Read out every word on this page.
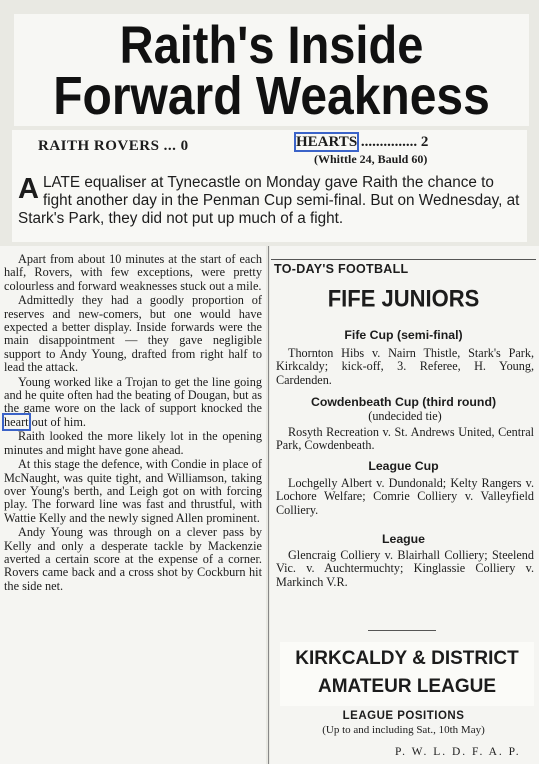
Raith's Inside
Forward Weakness
RAITH ROVERS ... 0	HEARTS ............... 2
(Whittle 24, Bauld 60)

ALATE equaliser at Tynecastle on Monday gave Raith the chance to fight another day in the Penman Cup semi-final. But on Wednesday, at Stark's Park, they did not put up much of a fight.

Apart from about 10 minutes at the start of each half, Rovers, with few exceptions, were pretty colourless and forward weaknesses stuck out a mile.

Admittedly they had a goodly proportion of reserves and new-comers, but one would have expected a better display. Inside forwards were the main disappointment — they gave negligible support to Andy Young, drafted from right half to lead the attack.

Young worked like a Trojan to get the line going and he quite often had the beating of Dougan, but as the game wore on the lack of support knocked the heart out of him.

Raith looked the more likely lot in the opening minutes and might have gone ahead.

At this stage the defence, with Condie in place of McNaught, was quite tight, and Williamson, taking over Young's berth, and Leigh got on with forcing play. The forward line was fast and thrustful, with Wattie Kelly and the newly signed Allen prominent.

Andy Young was through on a clever pass by Kelly and only a desperate tackle by Mackenzie averted a certain score at the expense of a corner. Rovers came back and a cross shot by Cockburn hit the side net.

TO-DAY'S FOOTBALL
FIFE JUNIORS
Fife Cup (semi-final)
Thornton Hibs v. Nairn Thistle, Stark's Park, Kirkcaldy; kick-off, 3. Referee, H. Young, Cardenden.
Cowdenbeath Cup (third round)
(undecided tie)
Rosyth Recreation v. St. Andrews United, Central Park, Cowdenbeath.
League Cup
Lochgelly Albert v. Dundonald; Kelty Rangers v. Lochore Welfare; Comrie Colliery v. Valleyfield Colliery.
League
Glencraig Colliery v. Blairhall Colliery; Steelend Vic. v. Auchtermuchty; Kinglassie Colliery v. Markinch V.R.
KIRKCALDY & DISTRICT
AMATEUR LEAGUE
LEAGUE POSITIONS
(Up to and including Sat., 10th May)
P. W. L. D. F. A. P.
